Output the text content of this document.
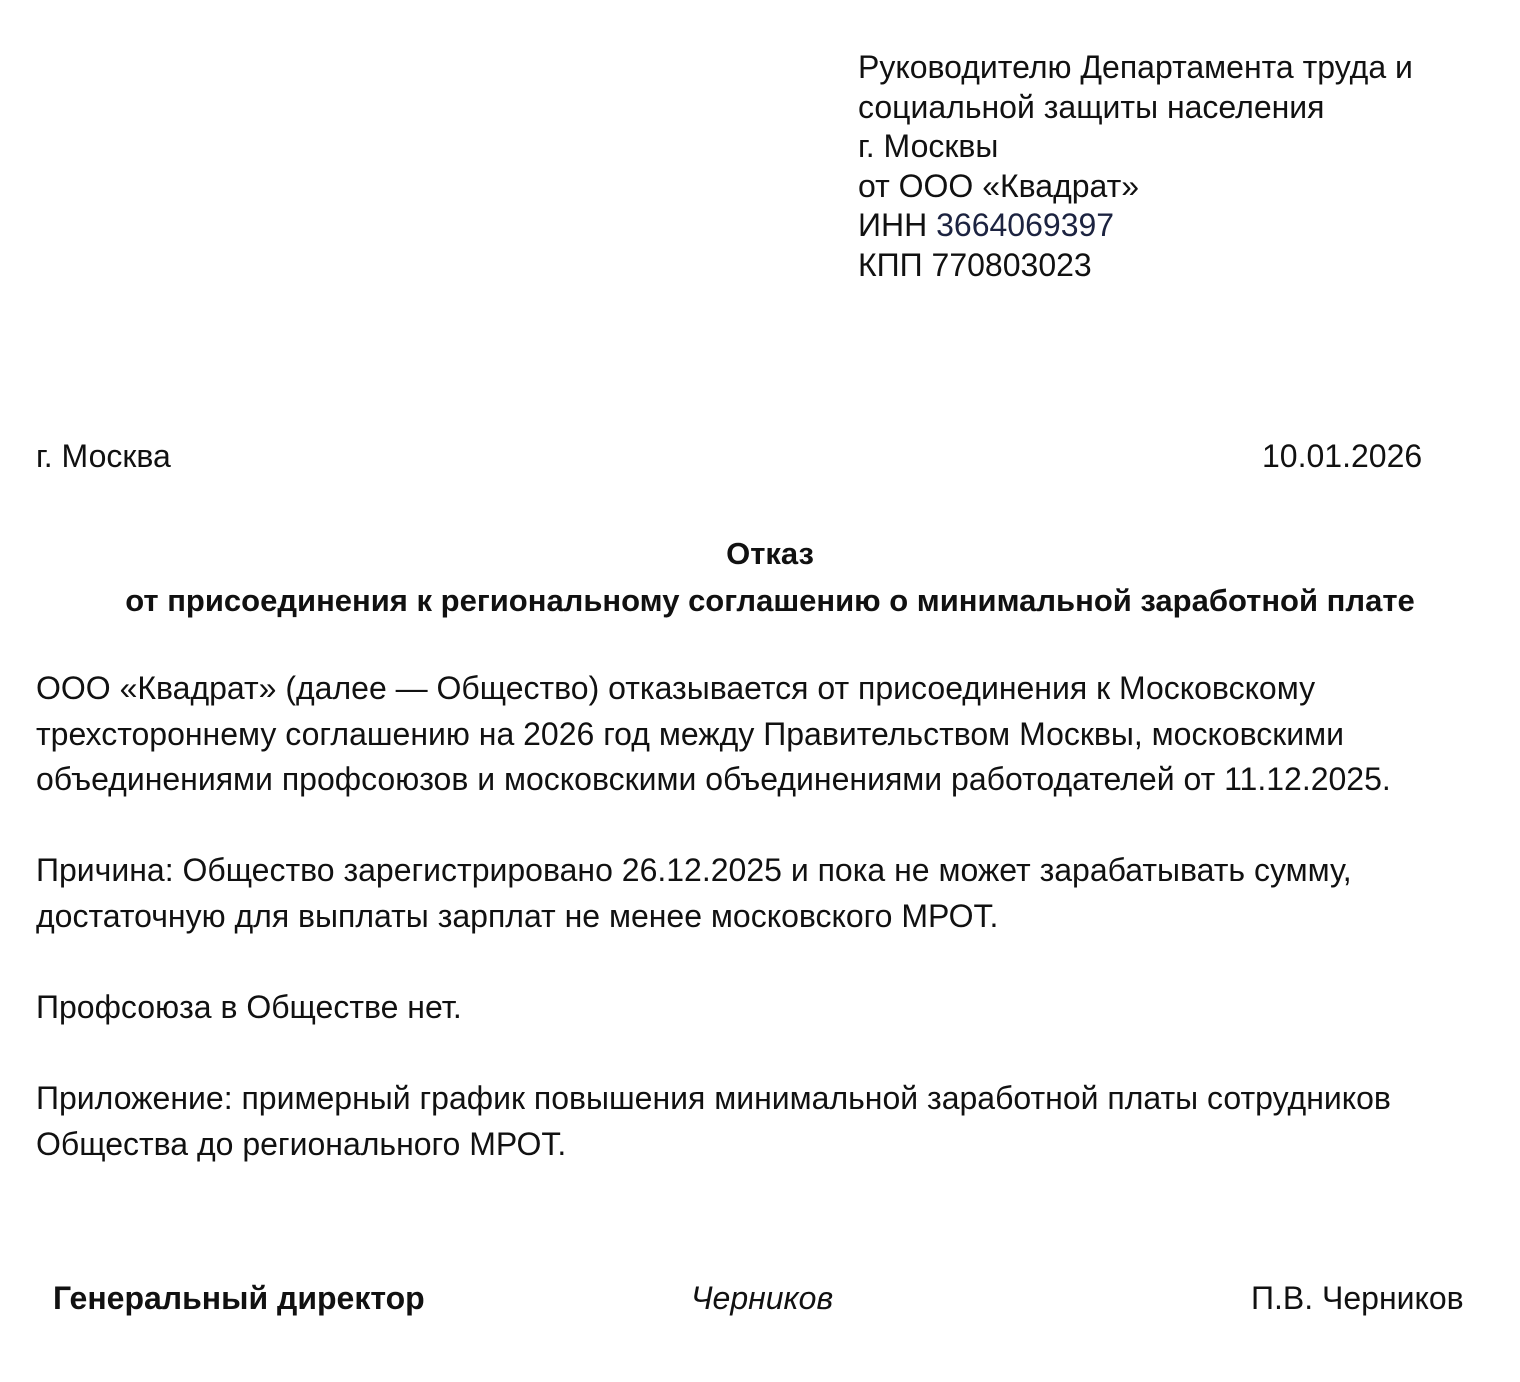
Руководителю Департамента труда и
социальной защиты населения
г. Москвы
от ООО «Квадрат»
ИНН 3664069397
КПП 770803023
г. Москва	10.01.2026
Отказ
от присоединения к региональному соглашению о минимальной заработной плате
ООО «Квадрат» (далее — Общество) отказывается от присоединения к Московскому
трехстороннему соглашению на 2026 год между Правительством Москвы, московскими
объединениями профсоюзов и московскими объединениями работодателей от 11.12.2025.
Причина: Общество зарегистрировано 26.12.2025 и пока не может зарабатывать сумму,
достаточную для выплаты зарплат не менее московского МРОТ.
Профсоюза в Обществе нет.
Приложение: примерный график повышения минимальной заработной платы сотрудников
Общества до регионального МРОТ.
Генеральный директор	Черников	П.В. Черников
